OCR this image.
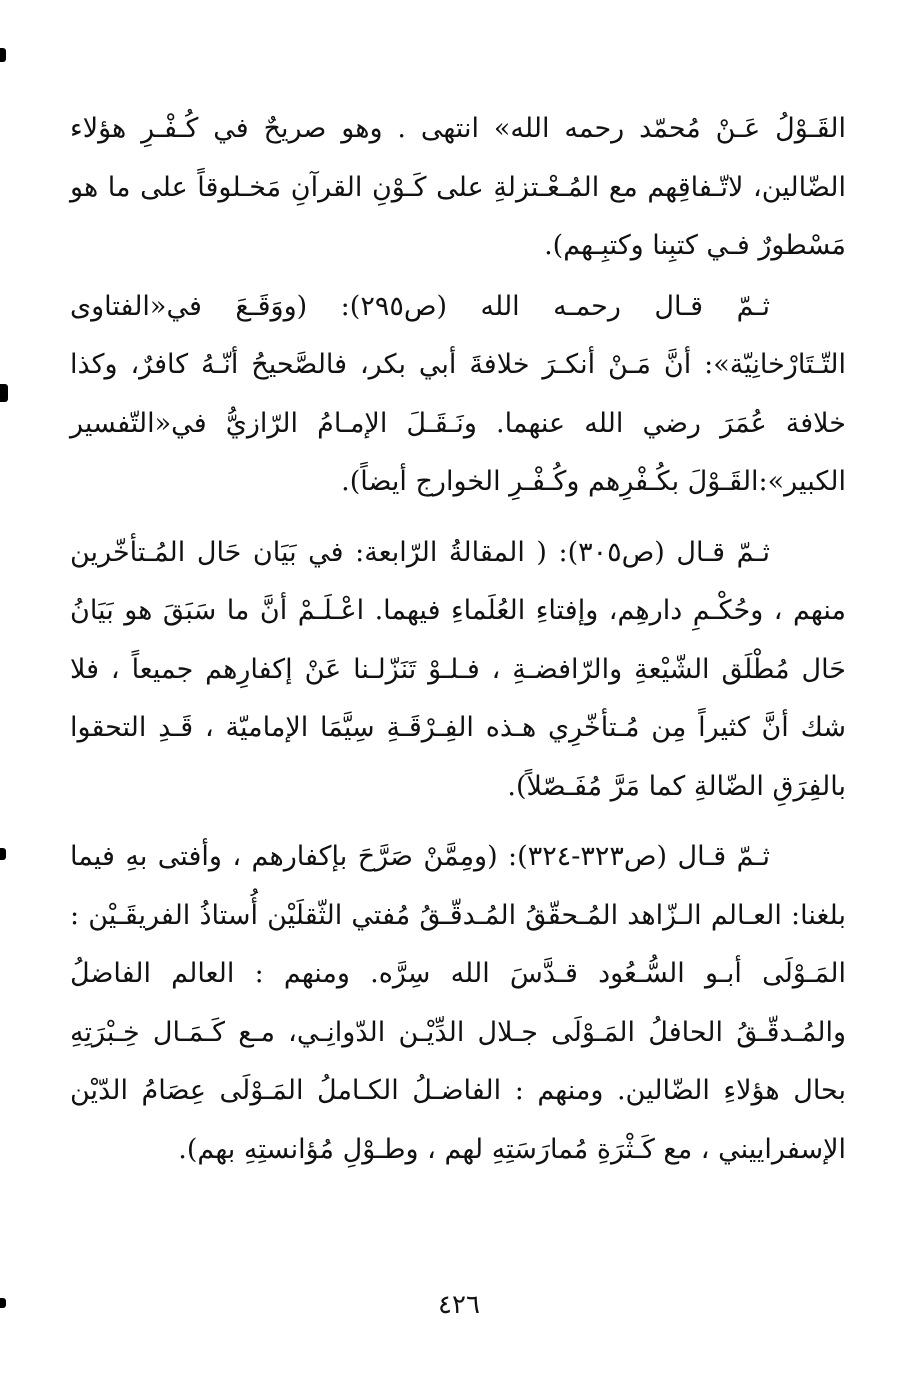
القَـوْلُ عَـنْ مُحمّد رحمه الله» انتهى . وهو صريحٌ في كُـفْـرِ هؤلاء الضّالين، لاتّـفاقِهم مع المُـعْـتزلةِ على كَـوْنِ القرآنِ مَخـلوقاً على ما هو مَسْطورٌ فـي كتبِنا وكتبِـهم).

ثـمّ قـال رحمـه الله (ص٢٩٥): (ووَقَـعَ في«الفتاوى التّـتَارْخانِيّة»: أنَّ مَـنْ أنكـرَ خلافةَ أبي بكر، فالصَّحيحُ أنّـهُ كافرٌ، وكذا خلافة عُمَرَ رضي الله عنهما. ونَـقَـلَ الإمـامُ الرّازيُّ في«التّفسير الكبير»:القَـوْلَ بكُـفْرِهم وكُـفْـرِ الخوارج أيضاً).

ثـمّ قـال (ص٣٠٥): ( المقالةُ الرّابعة: في بَيَان حَال المُـتأخّرين منهم ، وحُكْـمِ دارهِم، وإفتاءِ العُلَماءِ فيهما. اعْـلَـمْ أنَّ ما سَبَقَ هو بَيَانُ حَال مُطْلَق الشّيْعةِ والرّافضـةِ ، فـلـوْ تَنَزّلـنا عَنْ إكفارِهم جميعاً ، فلا شك أنَّ كثيراً مِن مُـتأخّرِي هـذه الفِـرْقَـةِ سِيَّمَا الإماميّة ، قَـدِ التحقوا بالفِرَقِ الضّالةِ كما مَرَّ مُفَـصّلاً).

ثـمّ قـال (ص٣٢٣-٣٢٤): (ومِمَّنْ صَرَّحَ بإكفارهم ، وأفتى بهِ فيما بلغنا: العـالم الـزّاهد المُـحقّقُ المُـدقّـقُ مُفتي الثّقلَيْن أُستاذُ الفريقَـيْن : المَـوْلَى أبـو السُّـعُود قـدَّسَ الله سِرَّه. ومنهم : العالم الفاضلُ والمُـدقّـقُ الحافلُ المَـوْلَى جـلال الدِّيْـن الدّوانِـي، مـع كَـمَـال خِـبْرَتِهِ بحال هؤلاءِ الضّالين. ومنهم : الفاضـلُ الكـاملُ المَـوْلَى عِصَامُ الدّيْن الإسفراييني ، مع كَـثْرَةِ مُمارَسَتِهِ لهم ، وطـوْلِ مُؤانستِهِ بهم).

٤٢٦
